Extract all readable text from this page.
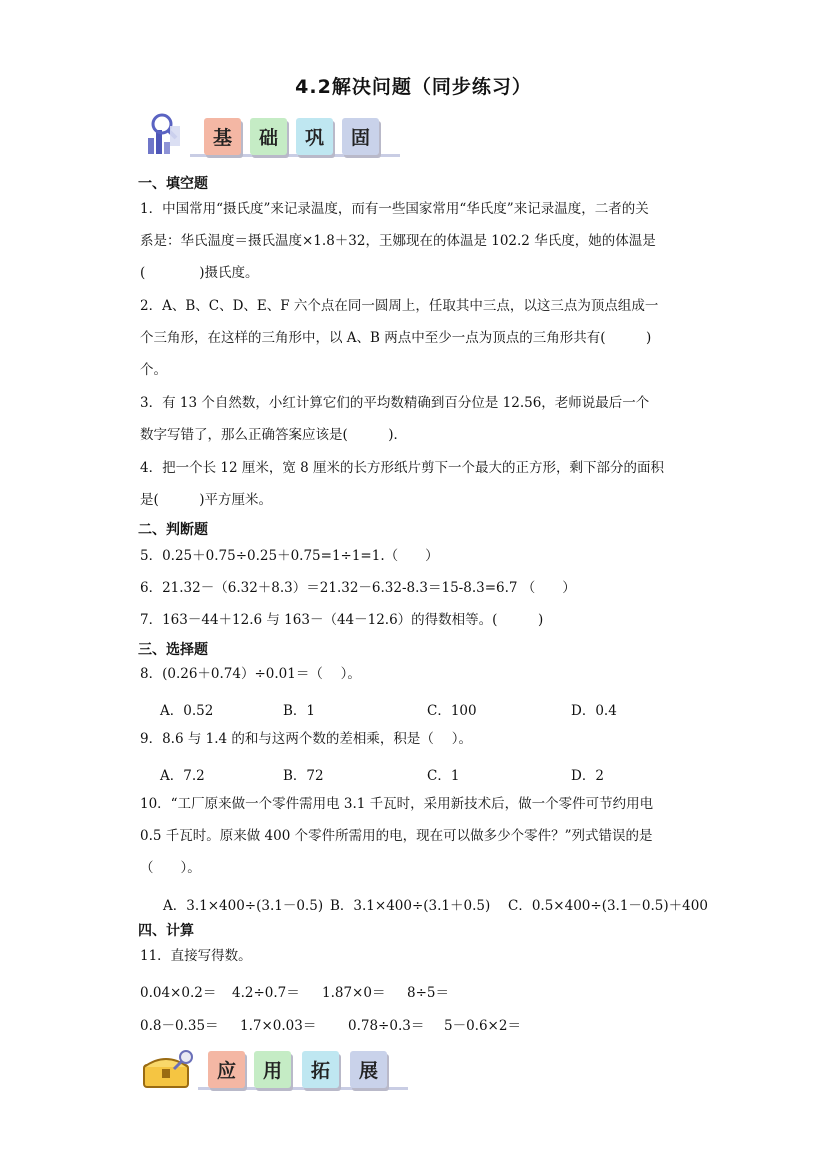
4.2解决问题（同步练习）
基	础	巩	固
一、填空题
1．中国常用“摄氏度”来记录温度，而有一些国家常用“华氏度”来记录温度，二者的关
系是：华氏温度＝摄氏温度×1.8＋32，王娜现在的体温是 102.2 华氏度，她的体温是
(　　　　)摄氏度。
2．A、B、C、D、E、F 六个点在同一圆周上，任取其中三点，以这三点为顶点组成一
个三角形，在这样的三角形中，以 A、B 两点中至少一点为顶点的三角形共有(　　　)
个。
3．有 13 个自然数，小红计算它们的平均数精确到百分位是 12.56，老师说最后一个
数字写错了，那么正确答案应该是(　　　)．
4．把一个长 12 厘米，宽 8 厘米的长方形纸片剪下一个最大的正方形，剩下部分的面积
是(　　　)平方厘米。
二、判断题
5．0.25＋0.75÷0.25＋0.75=1÷1=1.（　　）
6．21.32－（6.32＋8.3）＝21.32－6.32-8.3＝15-8.3=6.7 （　　）
7．163－44＋12.6 与 163－（44－12.6）的得数相等。(　　　)
三、选择题
8．(0.26＋0.74）÷0.01＝（　 ）。
A．0.52	B．1	C．100	D．0.4
9．8.6 与 1.4 的和与这两个数的差相乘，积是（　 ）。
A．7.2	B．72	C．1	D．2
10．“工厂原来做一个零件需用电 3.1 千瓦时，采用新技术后，做一个零件可节约用电
0.5 千瓦时。原来做 400 个零件所需用的电，现在可以做多少个零件？”列式错误的是
（　　）。
A．3.1×400÷(3.1－0.5) B．3.1×400÷(3.1＋0.5) C．0.5×400÷(3.1－0.5)＋400
四、计算
11．直接写得数。
0.04×0.2＝ 4.2÷0.7＝ 1.87×0＝ 8÷5＝
0.8－0.35＝ 1.7×0.03＝ 0.78÷0.3＝ 5－0.6×2＝
应	用	拓	展
